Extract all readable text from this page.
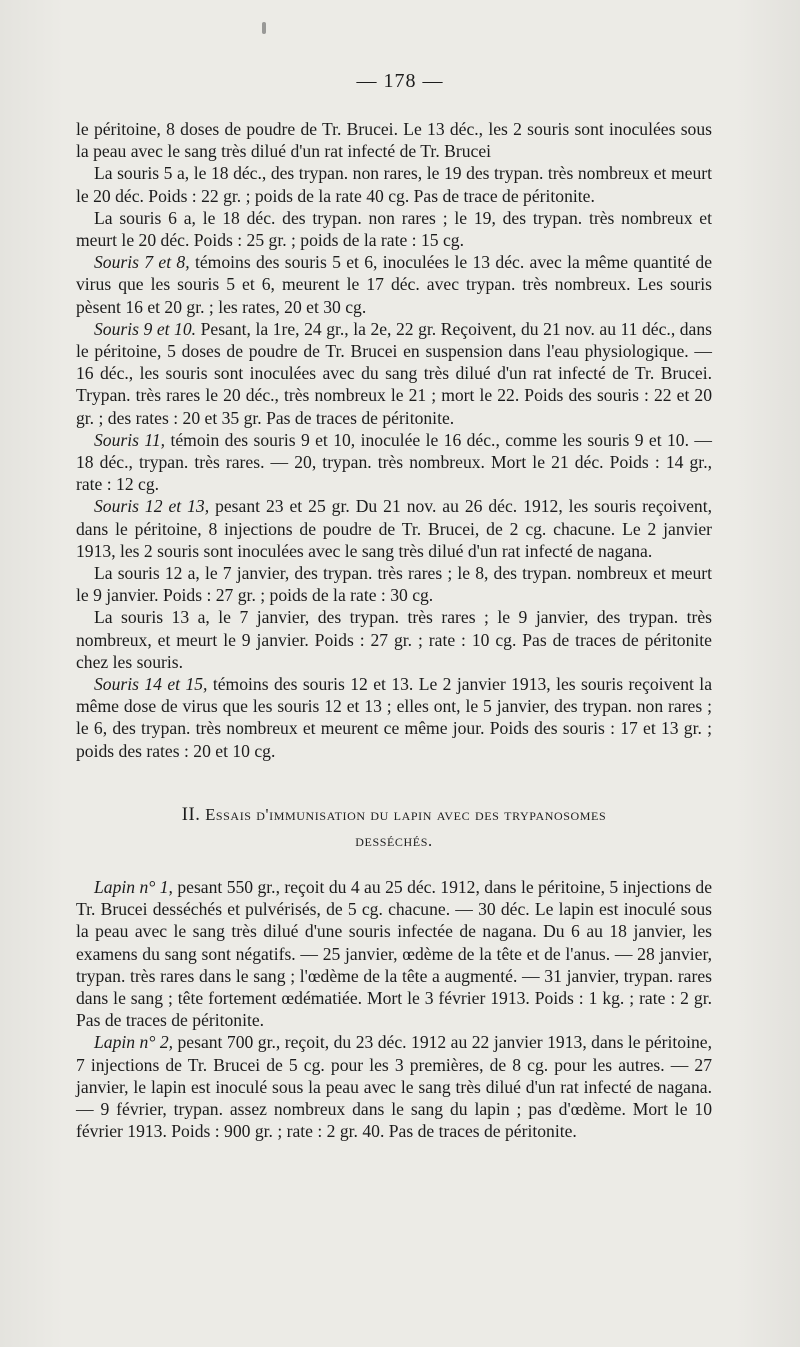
— 178 —

le péritoine, 8 doses de poudre de Tr. Brucei. Le 13 déc., les 2 souris sont inoculées sous la peau avec le sang très dilué d'un rat infecté de Tr. Brucei

La souris 5 a, le 18 déc., des trypan. non rares, le 19 des trypan. très nombreux et meurt le 20 déc. Poids : 22 gr. ; poids de la rate 40 cg. Pas de trace de péritonite.

La souris 6 a, le 18 déc. des trypan. non rares ; le 19, des trypan. très nombreux et meurt le 20 déc. Poids : 25 gr. ; poids de la rate : 15 cg.

Souris 7 et 8, témoins des souris 5 et 6, inoculées le 13 déc. avec la même quantité de virus que les souris 5 et 6, meurent le 17 déc. avec trypan. très nombreux. Les souris pèsent 16 et 20 gr. ; les rates, 20 et 30 cg.

Souris 9 et 10. Pesant, la 1re, 24 gr., la 2e, 22 gr. Reçoivent, du 21 nov. au 11 déc., dans le péritoine, 5 doses de poudre de Tr. Brucei en suspension dans l'eau physiologique. — 16 déc., les souris sont inoculées avec du sang très dilué d'un rat infecté de Tr. Brucei. Trypan. très rares le 20 déc., très nombreux le 21 ; mort le 22. Poids des souris : 22 et 20 gr. ; des rates : 20 et 35 gr. Pas de traces de péritonite.

Souris 11, témoin des souris 9 et 10, inoculée le 16 déc., comme les souris 9 et 10. — 18 déc., trypan. très rares. — 20, trypan. très nombreux. Mort le 21 déc. Poids : 14 gr., rate : 12 cg.

Souris 12 et 13, pesant 23 et 25 gr. Du 21 nov. au 26 déc. 1912, les souris reçoivent, dans le péritoine, 8 injections de poudre de Tr. Brucei, de 2 cg. chacune. Le 2 janvier 1913, les 2 souris sont inoculées avec le sang très dilué d'un rat infecté de nagana.

La souris 12 a, le 7 janvier, des trypan. très rares ; le 8, des trypan. nombreux et meurt le 9 janvier. Poids : 27 gr. ; poids de la rate : 30 cg.

La souris 13 a, le 7 janvier, des trypan. très rares ; le 9 janvier, des trypan. très nombreux, et meurt le 9 janvier. Poids : 27 gr. ; rate : 10 cg. Pas de traces de péritonite chez les souris.

Souris 14 et 15, témoins des souris 12 et 13. Le 2 janvier 1913, les souris reçoivent la même dose de virus que les souris 12 et 13 ; elles ont, le 5 janvier, des trypan. non rares ; le 6, des trypan. très nombreux et meurent ce même jour. Poids des souris : 17 et 13 gr. ; poids des rates : 20 et 10 cg.

II. Essais d'immunisation du lapin avec des trypanosomes
desséchés.

Lapin n° 1, pesant 550 gr., reçoit du 4 au 25 déc. 1912, dans le péritoine, 5 injections de Tr. Brucei desséchés et pulvérisés, de 5 cg. chacune. — 30 déc. Le lapin est inoculé sous la peau avec le sang très dilué d'une souris infectée de nagana. Du 6 au 18 janvier, les examens du sang sont négatifs. — 25 janvier, œdème de la tête et de l'anus. — 28 janvier, trypan. très rares dans le sang ; l'œdème de la tête a augmenté. — 31 janvier, trypan. rares dans le sang ; tête fortement œdématiée. Mort le 3 février 1913. Poids : 1 kg. ; rate : 2 gr. Pas de traces de péritonite.

Lapin n° 2, pesant 700 gr., reçoit, du 23 déc. 1912 au 22 janvier 1913, dans le péritoine, 7 injections de Tr. Brucei de 5 cg. pour les 3 premières, de 8 cg. pour les autres. — 27 janvier, le lapin est inoculé sous la peau avec le sang très dilué d'un rat infecté de nagana. — 9 février, trypan. assez nombreux dans le sang du lapin ; pas d'œdème. Mort le 10 février 1913. Poids : 900 gr. ; rate : 2 gr. 40. Pas de traces de péritonite.
